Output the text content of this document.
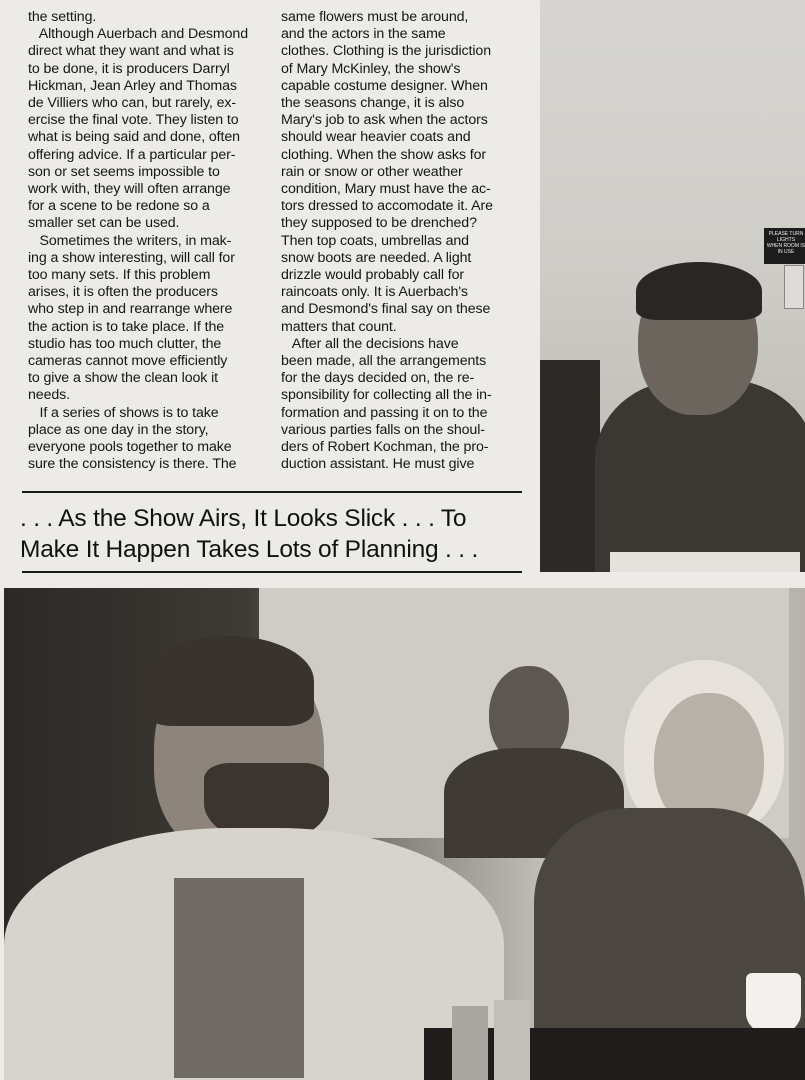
the setting.
Although Auerbach and Desmond
direct what they want and what is
to be done, it is producers Darryl
Hickman, Jean Arley and Thomas
de Villiers who can, but rarely, ex-
ercise the final vote. They listen to
what is being said and done, often
offering advice. If a particular per-
son or set seems impossible to
work with, they will often arrange
for a scene to be redone so a
smaller set can be used.
Sometimes the writers, in mak-
ing a show interesting, will call for
too many sets. If this problem
arises, it is often the producers
who step in and rearrange where
the action is to take place. If the
studio has too much clutter, the
cameras cannot move efficiently
to give a show the clean look it
needs.
If a series of shows is to take
place as one day in the story,
everyone pools together to make
sure the consistency is there. The
same flowers must be around,
and the actors in the same
clothes. Clothing is the jurisdiction
of Mary McKinley, the show's
capable costume designer. When
the seasons change, it is also
Mary's job to ask when the actors
should wear heavier coats and
clothing. When the show asks for
rain or snow or other weather
condition, Mary must have the ac-
tors dressed to accomodate it. Are
they supposed to be drenched?
Then top coats, umbrellas and
snow boots are needed. A light
drizzle would probably call for
raincoats only. It is Auerbach's
and Desmond's final say on these
matters that count.
After all the decisions have
been made, all the arrangements
for the days decided on, the re-
sponsibility for collecting all the in-
formation and passing it on to the
various parties falls on the shoul-
ders of Robert Kochman, the pro-
duction assistant. He must give
PLEASE TURN
LIGHTS
WHEN ROOM IS
IN USE
. . . As the Show Airs, It Looks Slick . . . To
Make It Happen Takes Lots of Planning . . .
